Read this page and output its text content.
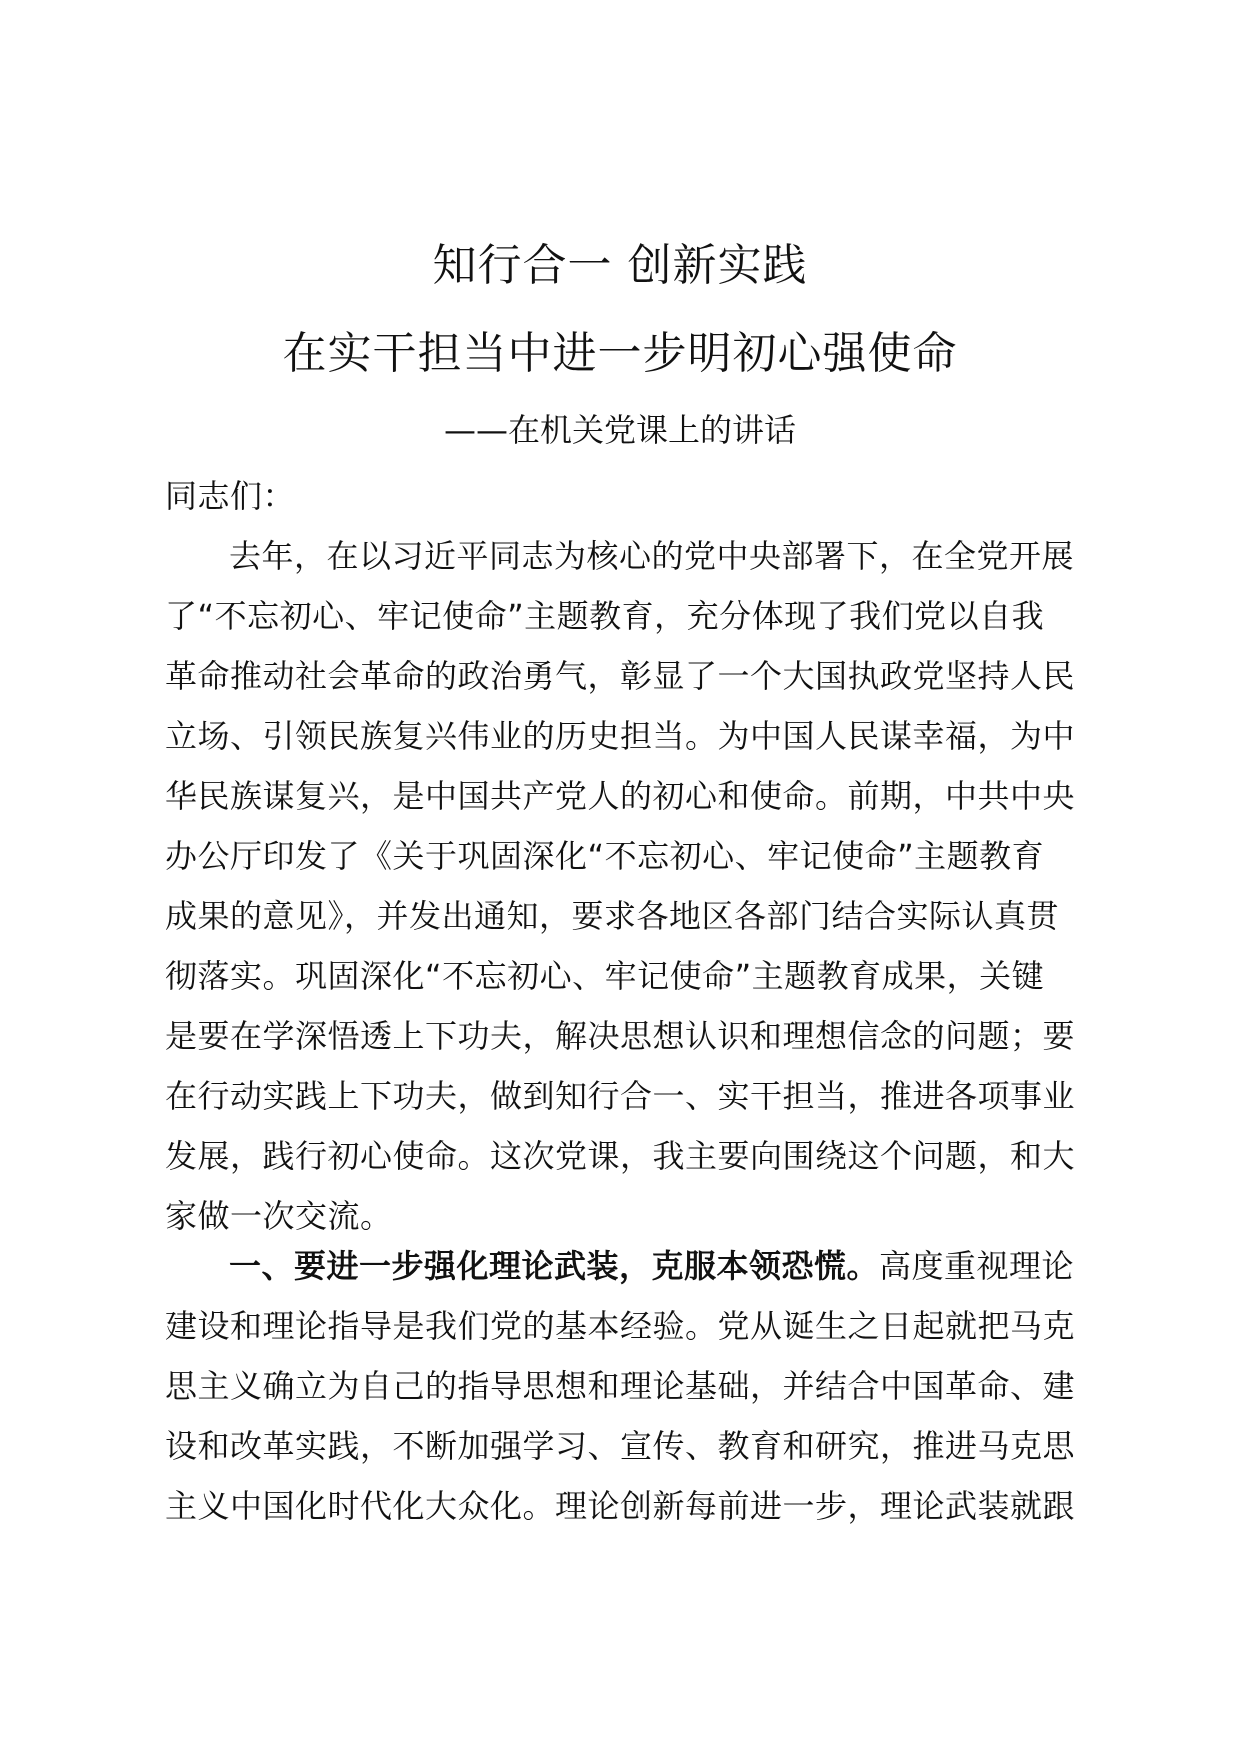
知行合一 创新实践
在实干担当中进一步明初心强使命
——在机关党课上的讲话
同志们：

去年，在以习近平同志为核心的党中央部署下，在全党开展

了“不忘初心、牢记使命”主题教育，充分体现了我们党以自我

革命推动社会革命的政治勇气，彰显了一个大国执政党坚持人民

立场、引领民族复兴伟业的历史担当。为中国人民谋幸福，为中

华民族谋复兴，是中国共产党人的初心和使命。前期，中共中央

办公厅印发了《关于巩固深化“不忘初心、牢记使命”主题教育

成果的意见》，并发出通知，要求各地区各部门结合实际认真贯

彻落实。巩固深化“不忘初心、牢记使命”主题教育成果，关键

是要在学深悟透上下功夫，解决思想认识和理想信念的问题；要

在行动实践上下功夫，做到知行合一、实干担当，推进各项事业

发展，践行初心使命。这次党课，我主要向围绕这个问题，和大

家做一次交流。

一、要进一步强化理论武装，克服本领恐慌。高度重视理论

建设和理论指导是我们党的基本经验。党从诞生之日起就把马克

思主义确立为自己的指导思想和理论基础，并结合中国革命、建

设和改革实践，不断加强学习、宣传、教育和研究，推进马克思

主义中国化时代化大众化。理论创新每前进一步，理论武装就跟
